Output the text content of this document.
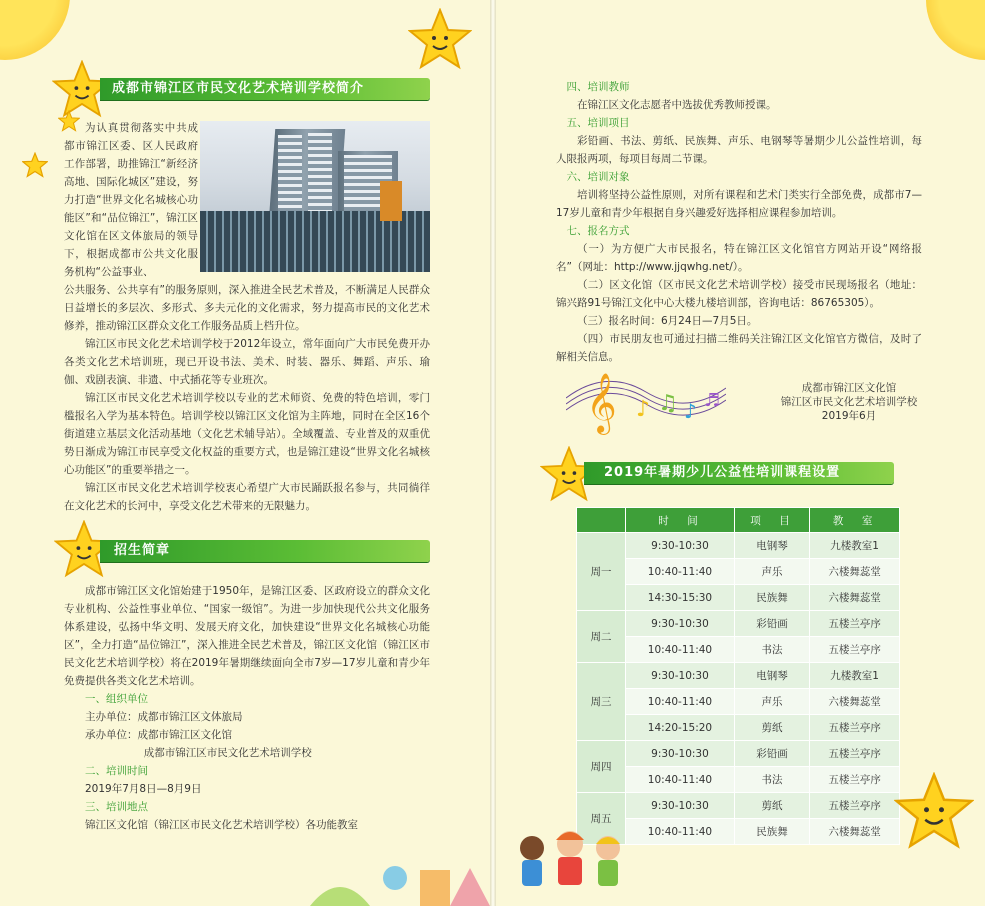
成都市锦江区市民文化艺术培训学校简介

为认真贯彻落实中共成都市锦江区委、区人民政府工作部署，助推锦江“新经济高地、国际化城区”建设，努力打造“世界文化名城核心功能区”和“品位锦江”，锦江区文化馆在区文体旅局的领导下，根据成都市公共文化服务机构“公益事业、

公共服务、公共享有”的服务原则，深入推进全民艺术普及，不断满足人民群众日益增长的多层次、多形式、多夫元化的文化需求，努力提高市民的文化艺术修养，推动锦江区群众文化工作服务品质上档升位。

锦江区市民文化艺术培训学校于2012年设立，常年面向广大市民免费开办各类文化艺术培训班，现已开设书法、美术、时装、器乐、舞蹈、声乐、瑜伽、戏剧表演、非遗、中式插花等专业班次。

锦江区市民文化艺术培训学校以专业的艺术师资、免费的特色培训，零门槛报名入学为基本特色。培训学校以锦江区文化馆为主阵地，同时在全区16个街道建立基层文化活动基地（文化艺术辅导站）。全域覆盖、专业普及的双重优势日渐成为锦江市民享受文化权益的重要方式，也是锦江建设“世界文化名城核心功能区”的重要举措之一。

锦江区市民文化艺术培训学校衷心希望广大市民踊跃报名参与，共同徜徉在文化艺术的长河中，享受文化艺术带来的无限魅力。

招生简章

成都市锦江区文化馆始建于1950年，是锦江区委、区政府设立的群众文化专业机构、公益性事业单位、“国家一级馆”。为进一步加快现代公共文化服务体系建设，弘扬中华文明、发展天府文化，加快建设“世界文化名城核心功能区”，全力打造“品位锦江”，深入推进全民艺术普及，锦江区文化馆（锦江区市民文化艺术培训学校）将在2019年暑期继续面向全市7岁—17岁儿童和青少年免费提供各类文化艺术培训。

一、组织单位
主办单位：成都市锦江区文体旅局
承办单位：成都市锦江区文化馆
成都市锦江区市民文化艺术培训学校
二、培训时间
2019年7月8日—8月9日
三、培训地点
锦江区文化馆（锦江区市民文化艺术培训学校）各功能教室
四、培训教师

在锦江区文化志愿者中选拔优秀教师授课。

五、培训项目

彩铅画、书法、剪纸、民族舞、声乐、电钢琴等暑期少儿公益性培训，每人限报两项，每项目每周二节课。

六、培训对象

培训将坚持公益性原则，对所有课程和艺术门类实行全部免费，成都市7—17岁儿童和青少年根据自身兴趣爱好选择相应课程参加培训。

七、报名方式

（一）为方便广大市民报名，特在锦江区文化馆官方网站开设“网络报名”（网址：http://www.jjqwhg.net/）。

（二）区文化馆（区市民文化艺术培训学校）接受市民现场报名（地址：锦兴路91号锦江文化中心大楼九楼培训部，咨询电话：86765305）。

（三）报名时间：6月24日—7月5日。

（四）市民朋友也可通过扫描二维码关注锦江区文化馆官方微信，及时了解相关信息。

𝄞 ♪ ♫ ♪ ♬
成都市锦江区文化馆
锦江区市民文化艺术培训学校
2019年6月
2019年暑期少儿公益性培训课程设置
	时　间	项　目	教　室
周一	9:30-10:30	电钢琴	九楼教室1
	10:40-11:40	声乐	六楼舞蕊堂
	14:30-15:30	民族舞	六楼舞蕊堂
周二	9:30-10:30	彩铅画	五楼兰亭序
	10:40-11:40	书法	五楼兰亭序
周三	9:30-10:30	电钢琴	九楼教室1
	10:40-11:40	声乐	六楼舞蕊堂
	14:20-15:20	剪纸	五楼兰亭序
周四	9:30-10:30	彩铅画	五楼兰亭序
	10:40-11:40	书法	五楼兰亭序
周五	9:30-10:30	剪纸	五楼兰亭序
	10:40-11:40	民族舞	六楼舞蕊堂
